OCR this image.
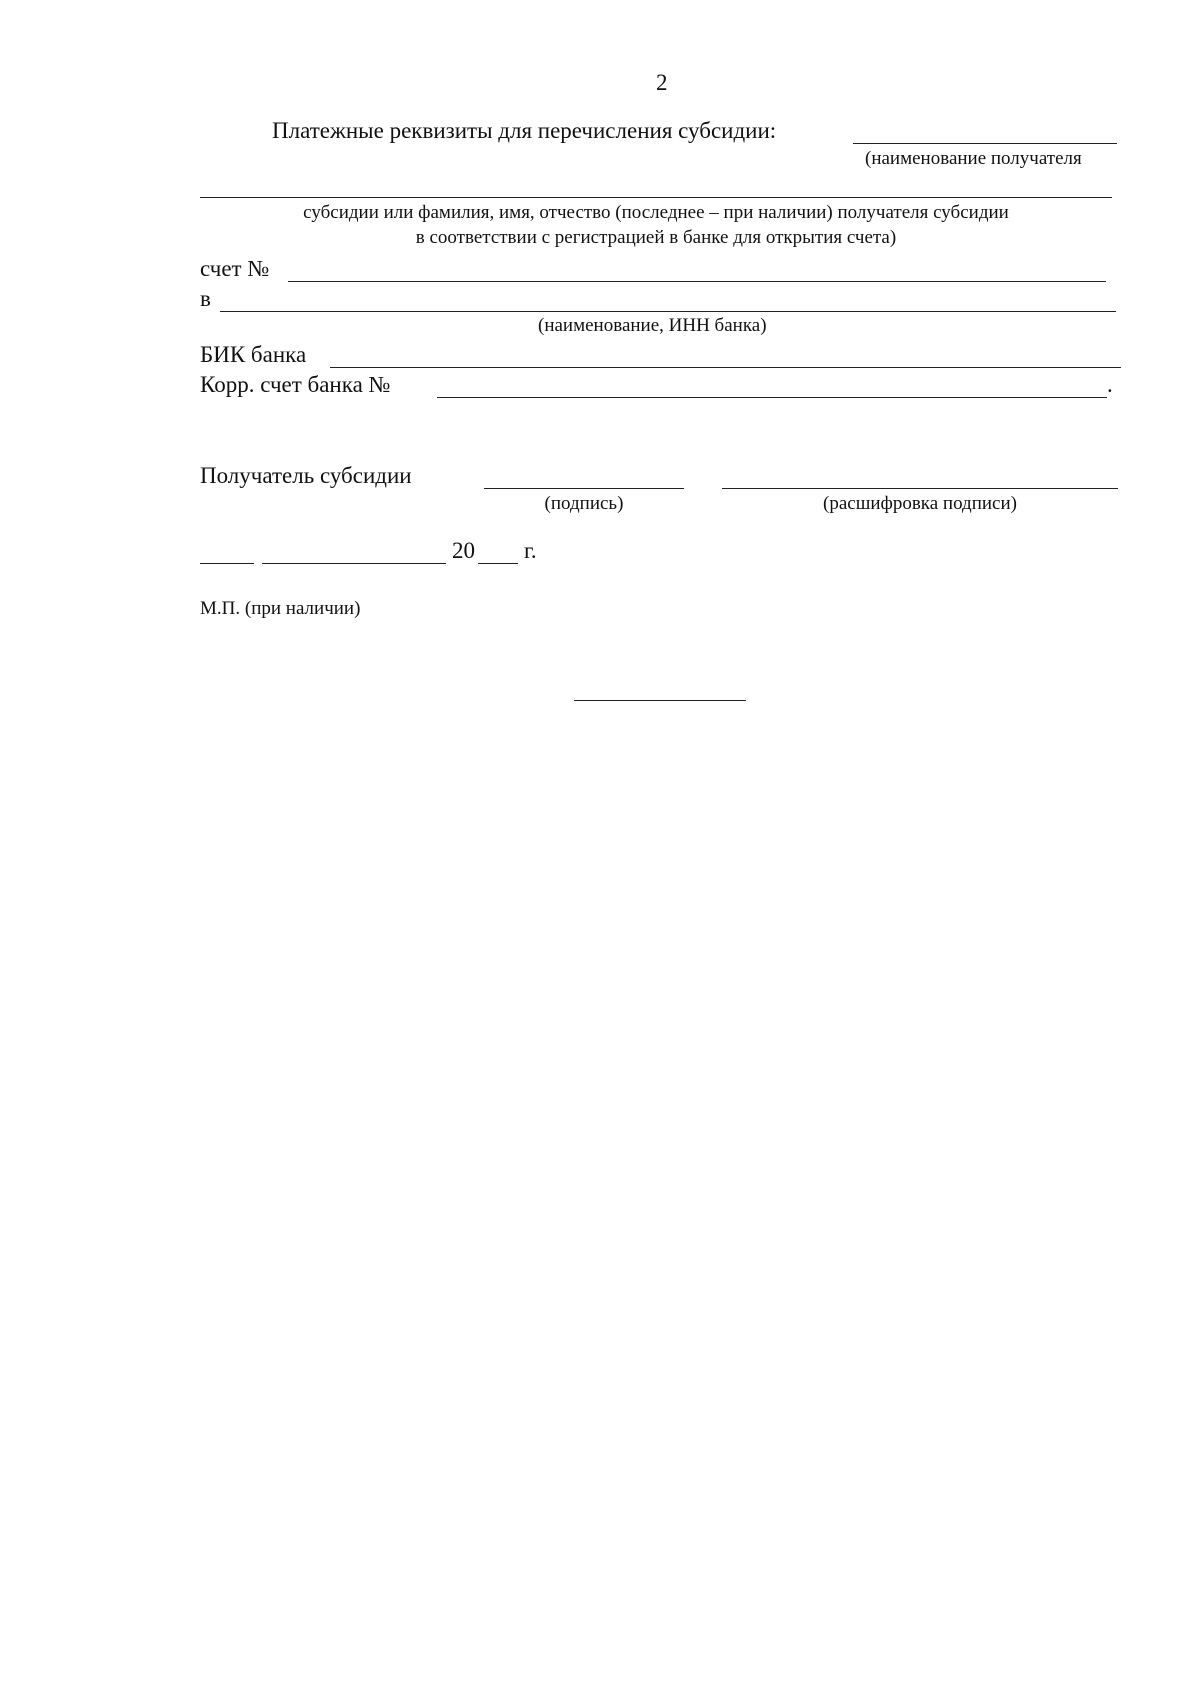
2
Платежные реквизиты для перечисления субсидии:
(наименование получателя
субсидии или фамилия, имя, отчество (последнее – при наличии) получателя субсидии
в соответствии с регистрацией в банке для открытия счета)
счет №
в
(наименование, ИНН банка)
БИК банка
Корр. счет банка №	.
Получатель субсидии
(подпись)	(расшифровка подписи)
20 г.
М.П. (при наличии)
